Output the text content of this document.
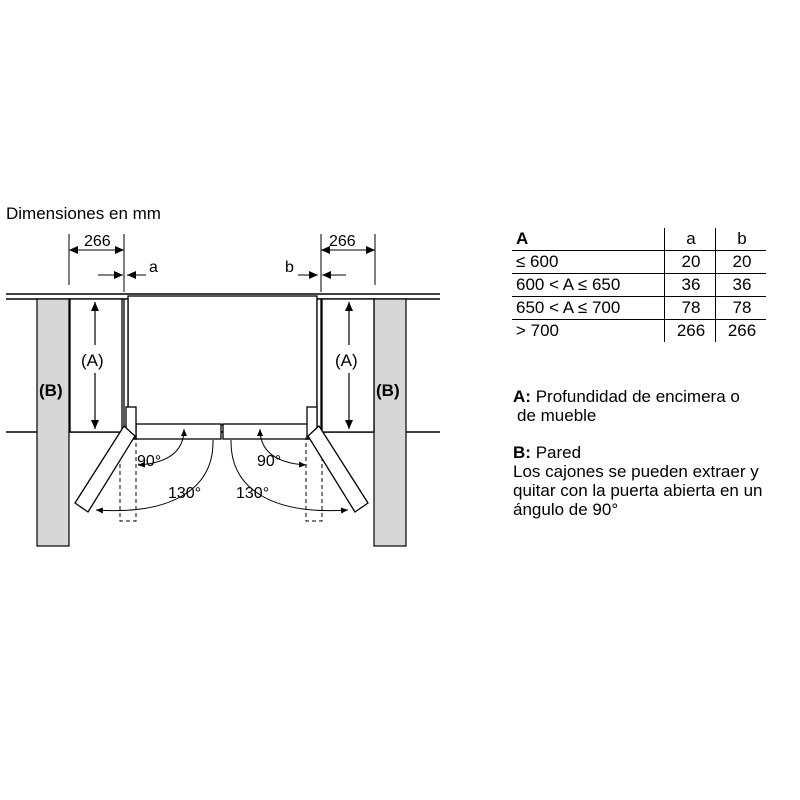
Dimensiones en mm
(A)	(A)
(B)	(B)
266	266
a	b
90°	90°
130° 130°
A	a	b
≤ 600	20	20
600 < A ≤ 650	36	36
650 < A ≤ 700	78	78
> 700	266	266
A: Profundidad de encimera o
de mueble
B: Pared
Los cajones se pueden extraer y
quitar con la puerta abierta en un
ángulo de 90°
